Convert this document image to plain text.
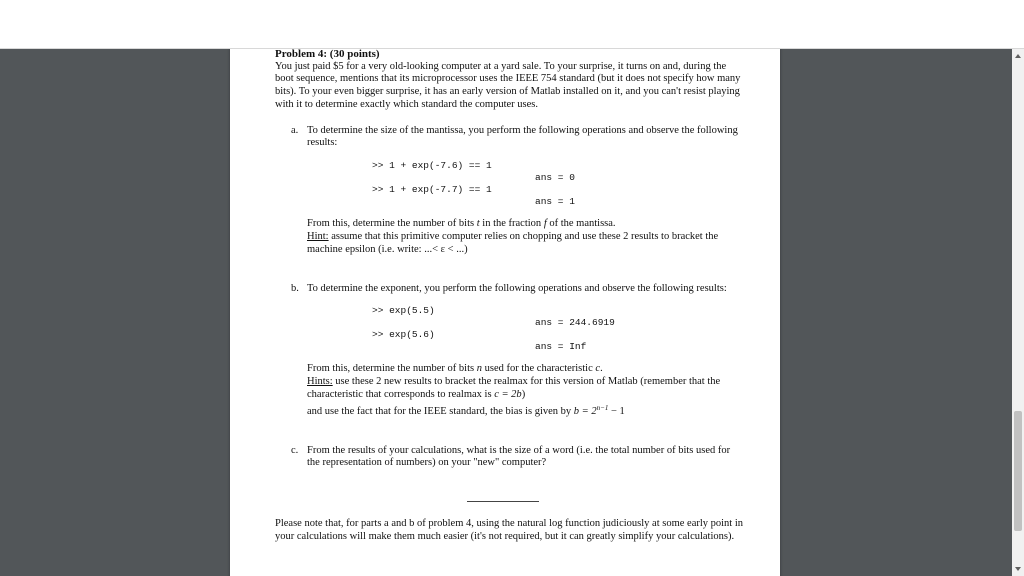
Problem 4: (30 points)
You just paid $5 for a very old-looking computer at a yard sale. To your surprise, it turns on and, during the boot sequence, mentions that its microprocessor uses the IEEE 754 standard (but it does not specify how many bits). To your even bigger surprise, it has an early version of Matlab installed on it, and you can't resist playing with it to determine exactly which standard the computer uses.
a. To determine the size of the mantissa, you perform the following operations and observe the following results:
>> 1 + exp(-7.6) == 1
ans = 0
>> 1 + exp(-7.7) == 1
ans = 1
From this, determine the number of bits t in the fraction f of the mantissa.
Hint: assume that this primitive computer relies on chopping and use these 2 results to bracket the machine epsilon (i.e. write: ...< ε < ...)
b. To determine the exponent, you perform the following operations and observe the following results:
>> exp(5.5)
ans = 244.6919
>> exp(5.6)
ans = Inf
From this, determine the number of bits n used for the characteristic c.
Hints: use these 2 new results to bracket the realmax for this version of Matlab (remember that the characteristic that corresponds to realmax is c = 2b)
and use the fact that for the IEEE standard, the bias is given by $b = 2^{n-1} - 1$
c. From the results of your calculations, what is the size of a word (i.e. the total number of bits used for the representation of numbers) on your "new" computer?
Please note that, for parts a and b of problem 4, using the natural log function judiciously at some early point in your calculations will make them much easier (it's not required, but it can greatly simplify your calculations).
